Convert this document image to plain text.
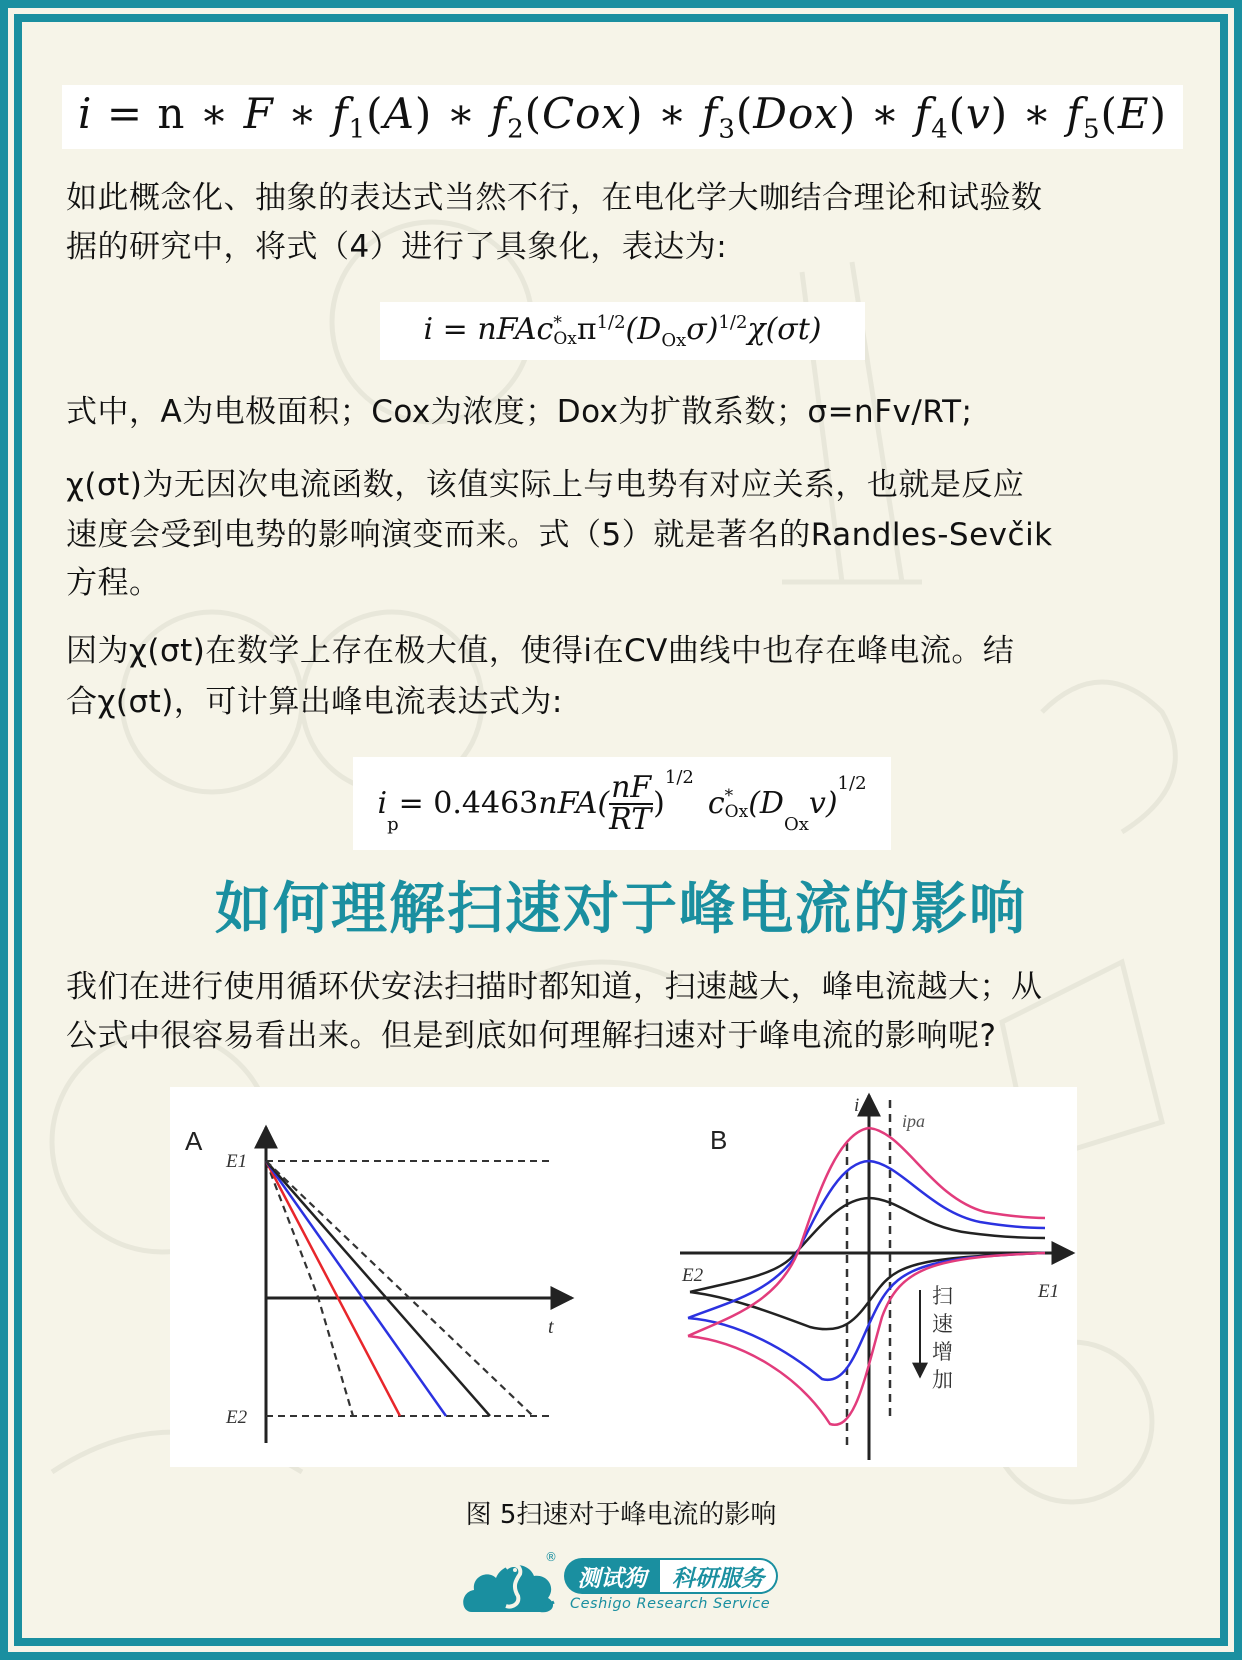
i = n ∗ F ∗ $f_1(A)$ ∗ $f_2(Cox)$ ∗ $f_3(Dox)$ ∗ $f_4(v)$ ∗ $f_5(E)$
如此概念化、抽象的表达式当然不行，在电化学大咖结合理论和试验数
据的研究中，将式（4）进行了具象化，表达为:
i = nFAc *
Ox $\pi^{1/2}(D_{Ox}\sigma)^{1/2}\chi(\sigma t)$
式中，A为电极面积；Cox为浓度；Dox为扩散系数；σ=nFv/RT;
χ(σt)为无因次电流函数，该值实际上与电势有对应关系，也就是反应
速度会受到电势的影响演变而来。式（5）就是著名的Randles-Sevčik
方程。
因为χ(σt)在数学上存在极大值，使得i在CV曲线中也存在峰电流。结
合χ(σt)，可计算出峰电流表达式为:
i
$_p$
= 0.4463 $nFA( \frac{nF}{RT}$ )
$^{1/2}$
c *
Ox (D
$_{Ox}$
v)
$^{1/2}$
如何理解扫速对于峰电流的影响
我们在进行使用循环伏安法扫描时都知道，扫速越大，峰电流越大；从
公式中很容易看出来。但是到底如何理解扫速对于峰电流的影响呢?
A
E1
E2
t
B
i
ipa
E2
E1
扫
速
增
加
图 5扫速对于峰电流的影响
®
测试狗	科研服务
Ceshigo Research Service
